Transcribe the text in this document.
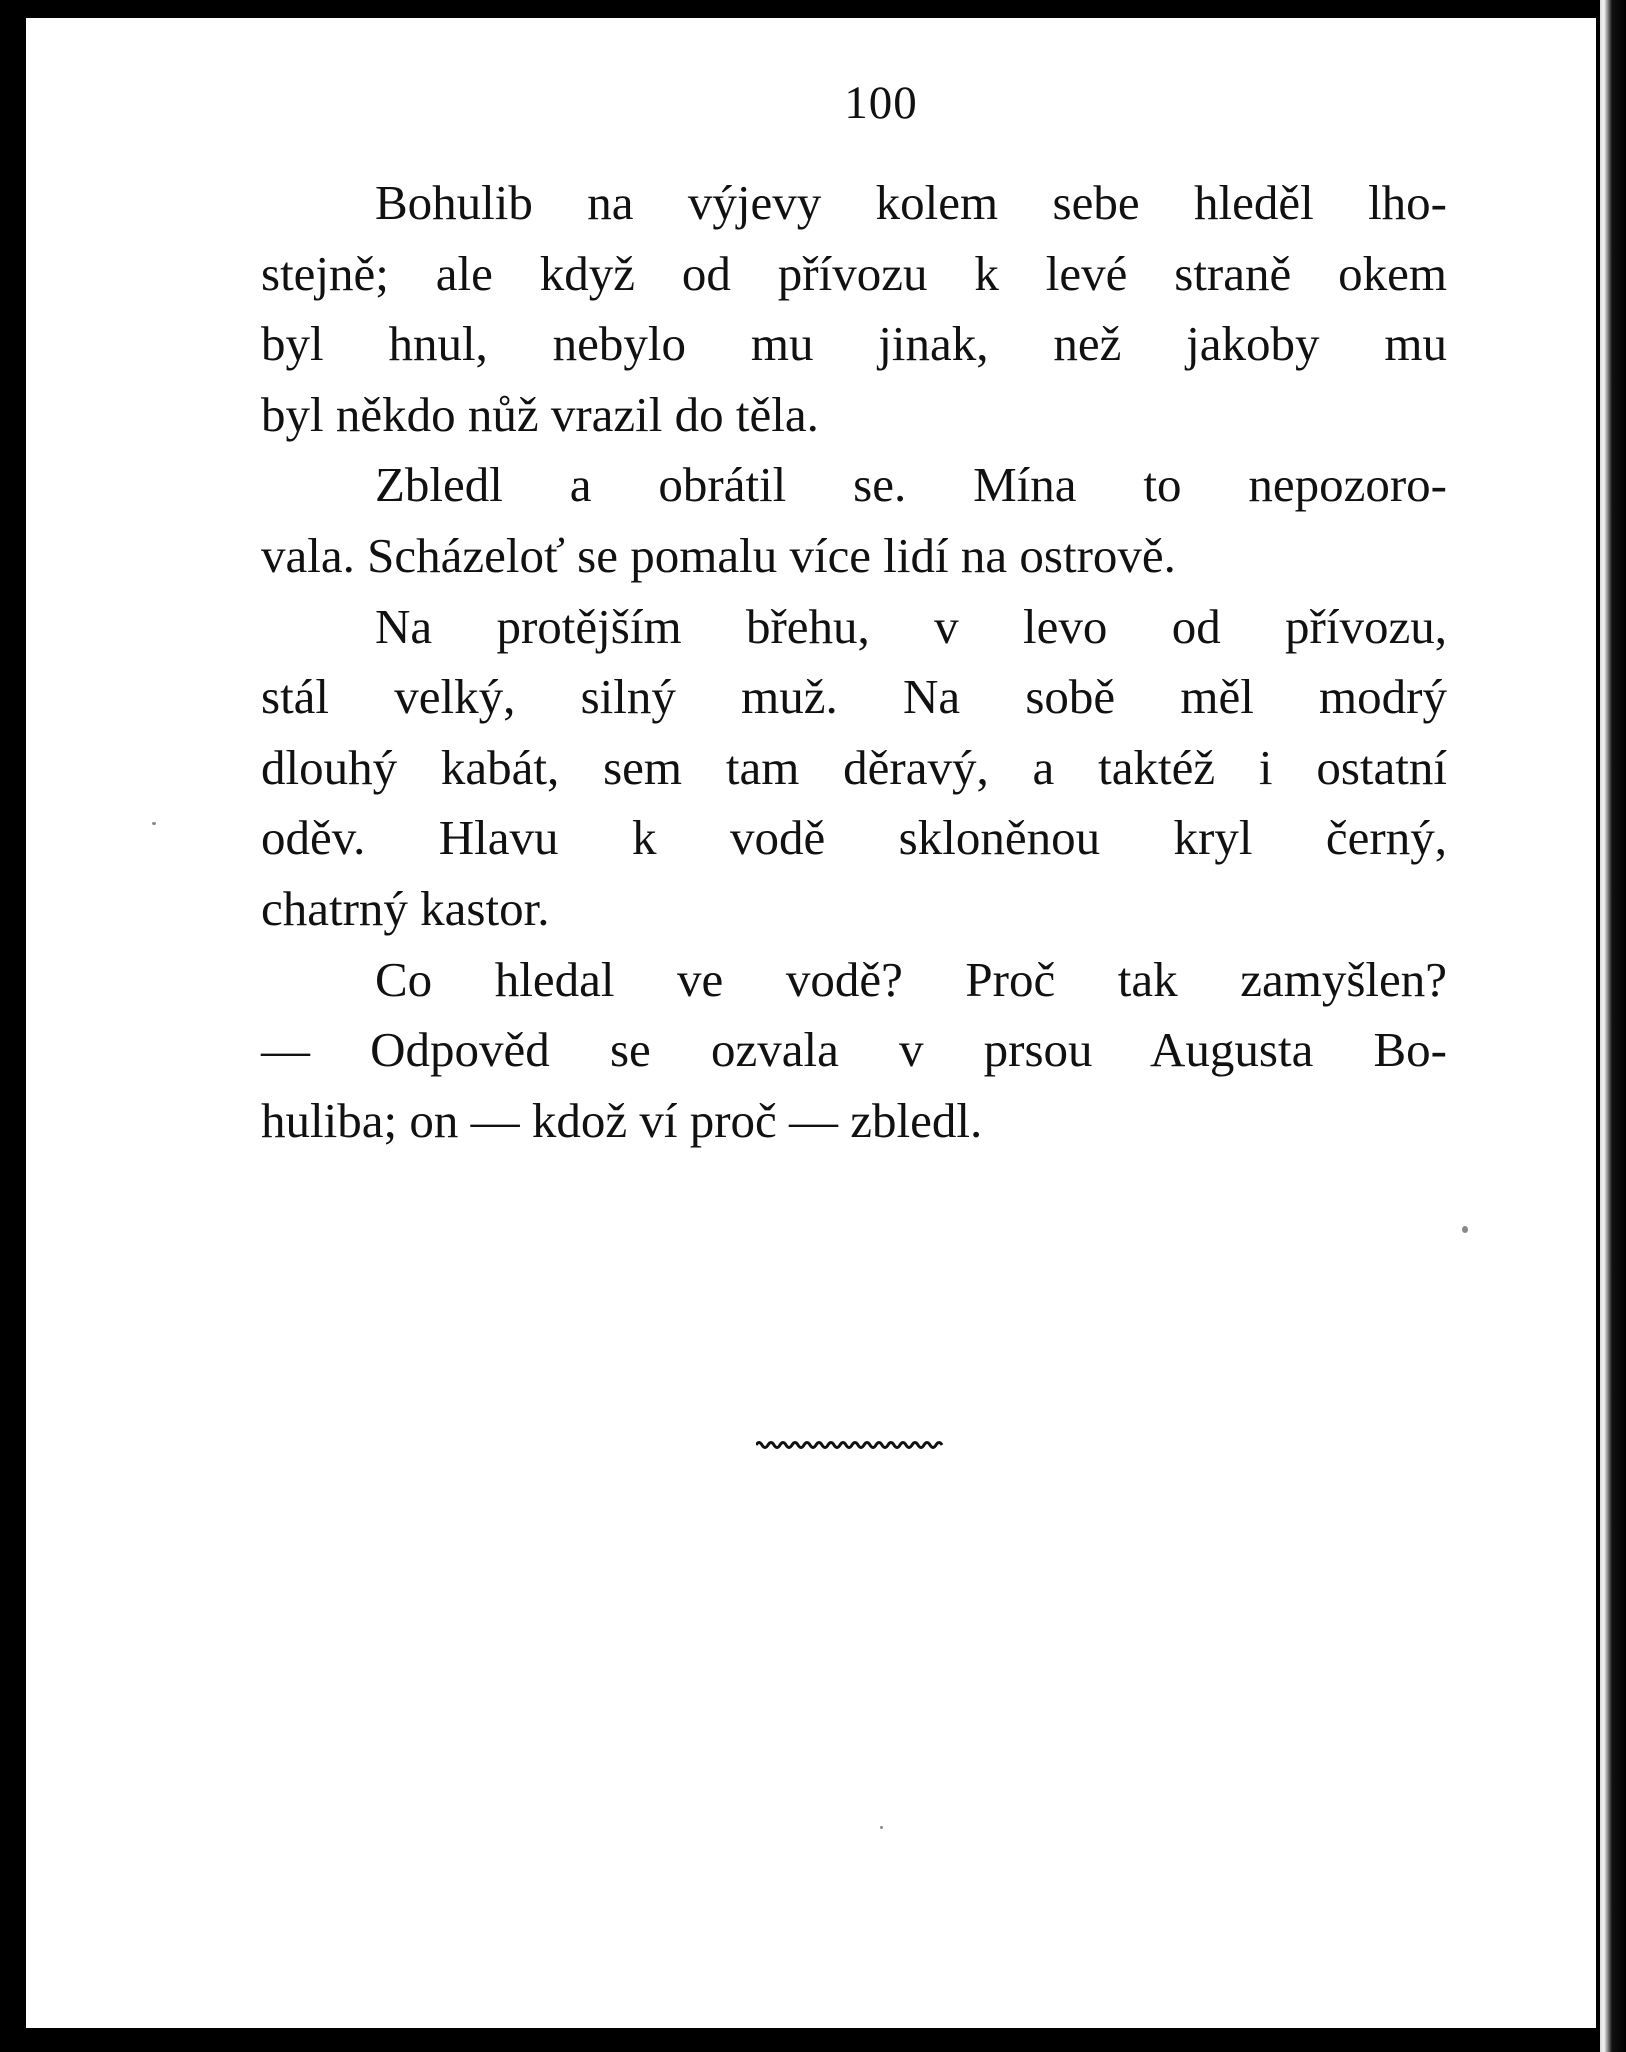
100
Bohulib na výjevy kolem sebe hleděl lho-
stejně; ale když od přívozu k levé straně okem
byl hnul, nebylo mu jinak, než jakoby mu
byl někdo nůž vrazil do těla.
Zbledl a obrátil se. Mína to nepozoro-
vala. Scházeloť se pomalu více lidí na ostrově.
Na protějším břehu, v levo od přívozu,
stál velký, silný muž. Na sobě měl modrý
dlouhý kabát, sem tam děravý, a taktéž i ostatní
oděv. Hlavu k vodě skloněnou kryl černý,
chatrný kastor.
Co hledal ve vodě? Proč tak zamyšlen?
— Odpověd se ozvala v prsou Augusta Bo-
huliba; on — kdož ví proč — zbledl.
